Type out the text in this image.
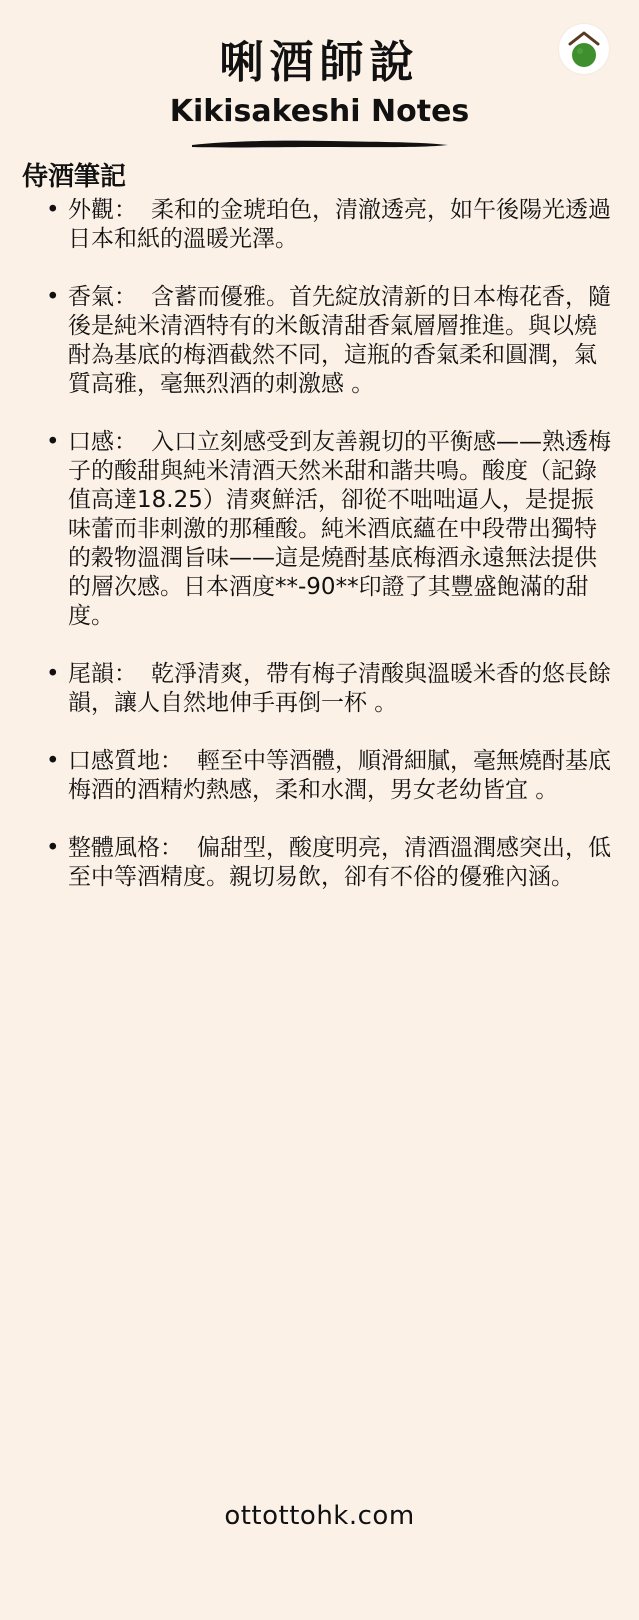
唎酒師說
Kikisakeshi Notes
侍酒筆記
• 外觀： 柔和的金琥珀色，清澈透亮，如午後陽光透過日本和紙的溫暖光澤。
• 香氣： 含蓄而優雅。首先綻放清新的日本梅花香，隨後是純米清酒特有的米飯清甜香氣層層推進。與以燒酎為基底的梅酒截然不同，這瓶的香氣柔和圓潤，氣質高雅，毫無烈酒的刺激感 。
• 口感： 入口立刻感受到友善親切的平衡感——熟透梅子的酸甜與純米清酒天然米甜和諧共鳴。酸度（記錄值高達18.25）清爽鮮活，卻從不咄咄逼人，是提振味蕾而非刺激的那種酸。純米酒底蘊在中段帶出獨特的穀物溫潤旨味——這是燒酎基底梅酒永遠無法提供的層次感。日本酒度**-90**印證了其豐盛飽滿的甜度。
• 尾韻： 乾淨清爽，帶有梅子清酸與溫暖米香的悠長餘韻，讓人自然地伸手再倒一杯 。
• 口感質地： 輕至中等酒體，順滑細膩，毫無燒酎基底梅酒的酒精灼熱感，柔和水潤，男女老幼皆宜 。
• 整體風格： 偏甜型，酸度明亮，清酒溫潤感突出，低至中等酒精度。親切易飲，卻有不俗的優雅內涵。
ottottohk.com
